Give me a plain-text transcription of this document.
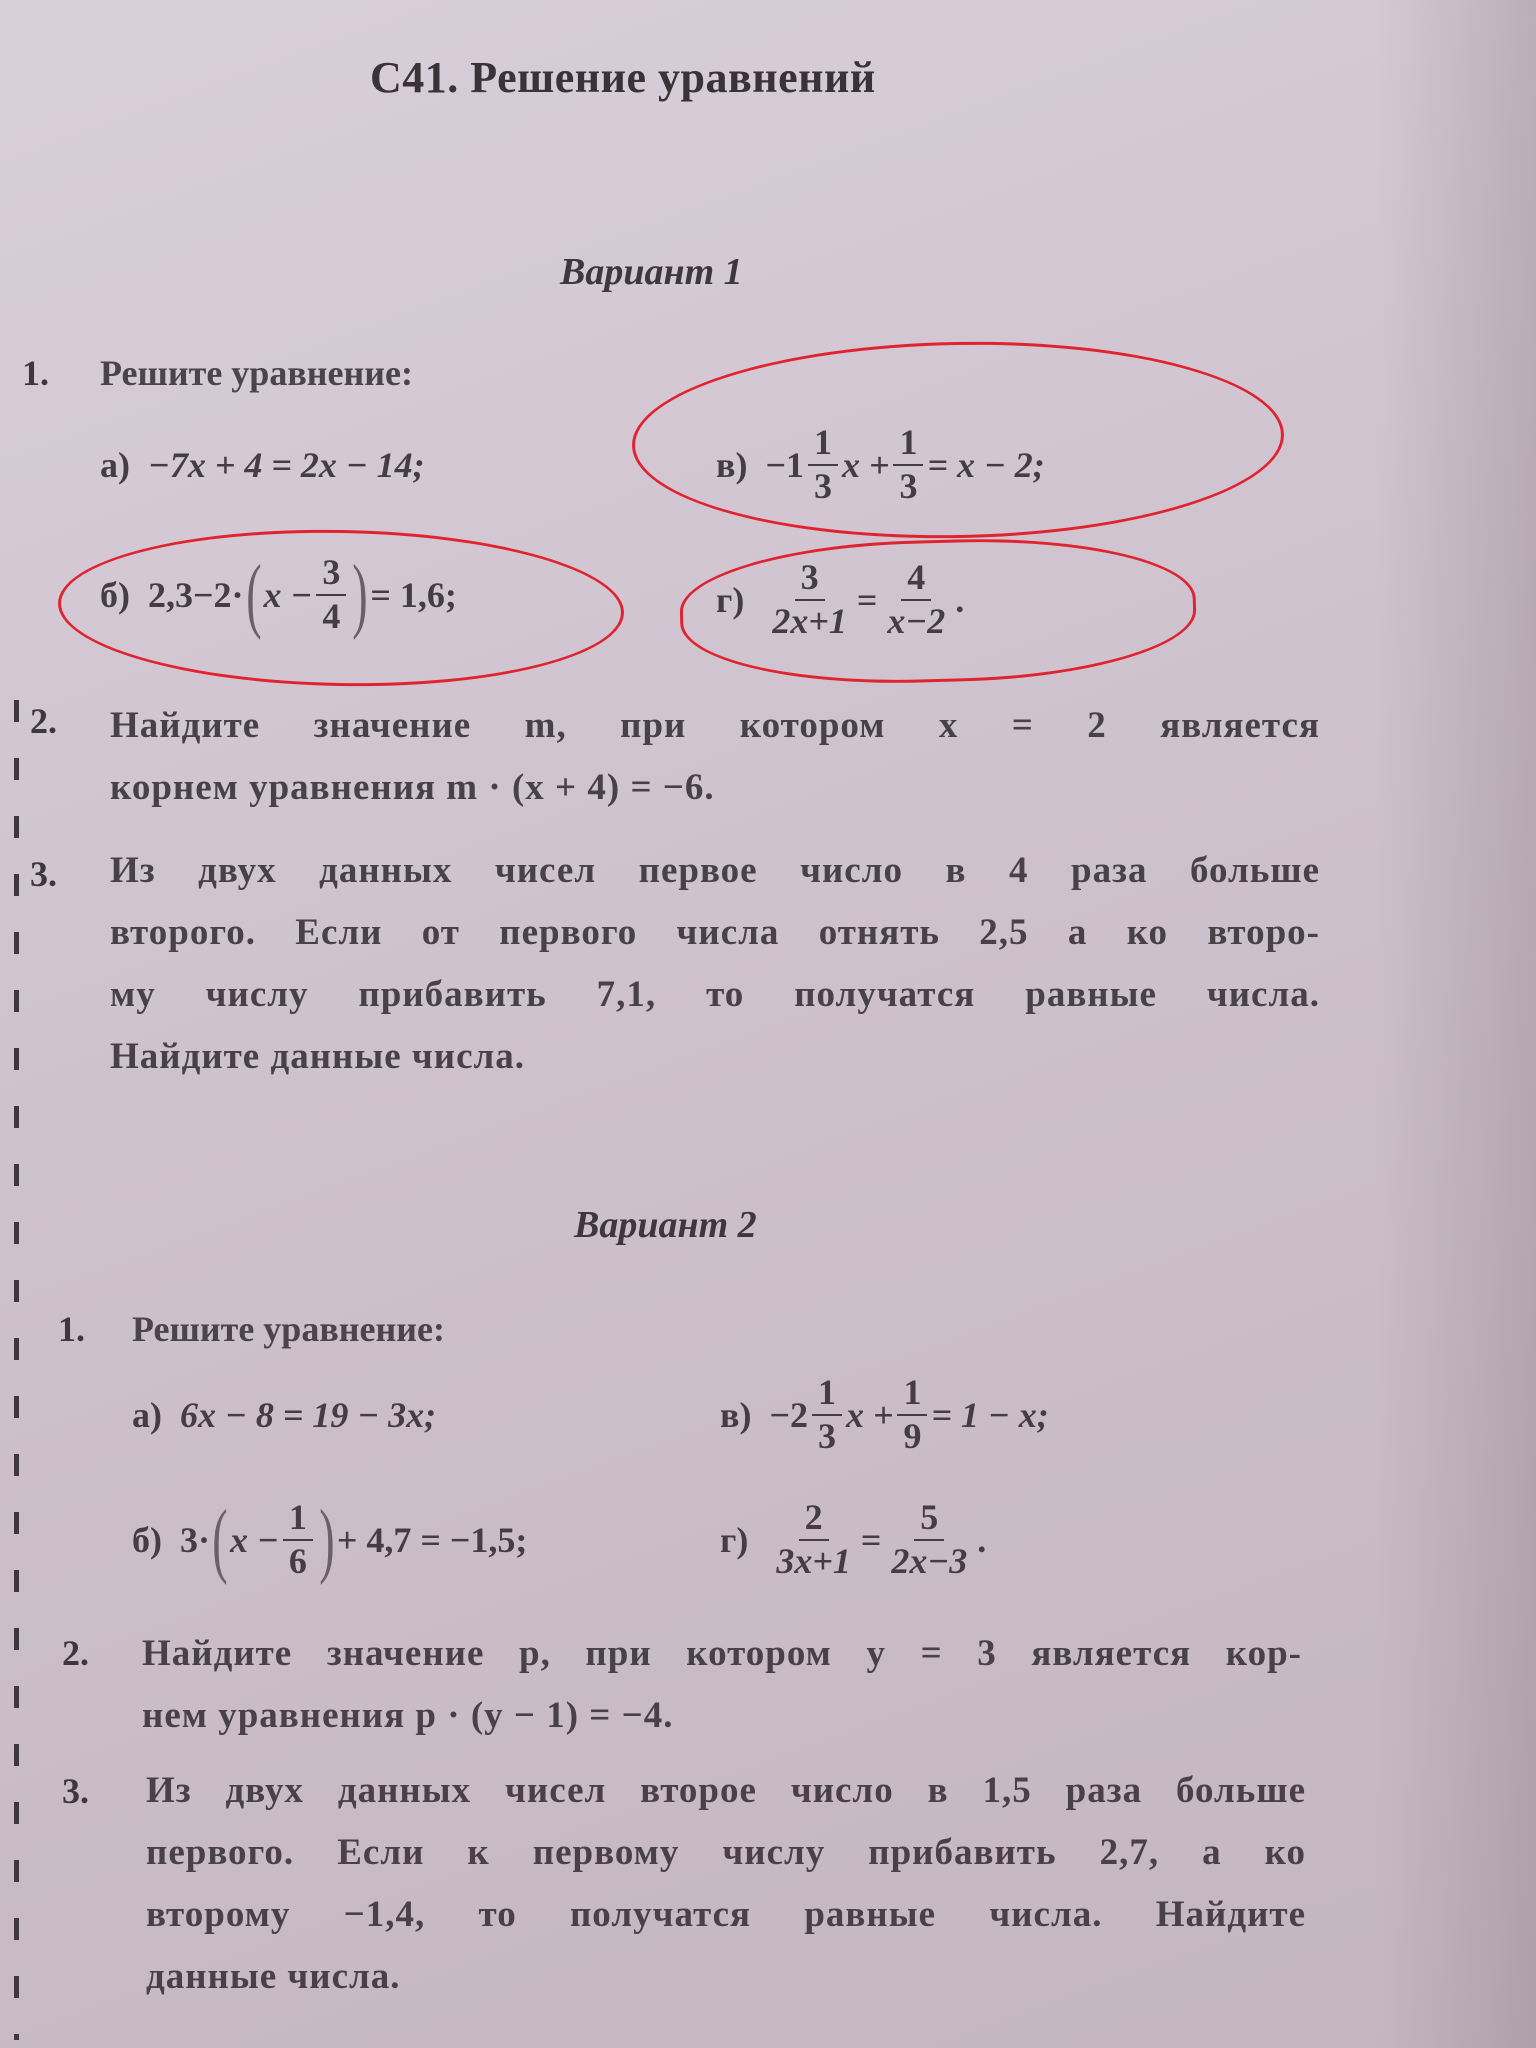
С41. Решение уравнений
Вариант 1
1. Решите уравнение:
а) −7x + 4 = 2x − 14;	$в) -1 \frac{1}{3}$ $x + \frac{1}{3} = x - 2$;
б) 2,3−2· ( $x - \frac{3}{4}$ ) = 1,6;	$г) \frac{3}{2x+1} = \frac{4}{x-2}$ .
2. Найдите значение m, при котором x = 2 является
корнем уравнения m · (x + 4) = −6.
3. Из двух данных чисел первое число в 4 раза больше
второго. Если от первого числа отнять 2,5 а ко второ-
му числу прибавить 7,1, то получатся равные числа.
Найдите данные числа.
Вариант 2
1. Решите уравнение:
а) 6x − 8 = 19 − 3x;	$в) -2 \frac{1}{3}$ $x + \frac{1}{9} = 1 - x$;
б) 3· ( $x - \frac{1}{6}$ ) + 4,7 = −1,5;	$г) \frac{2}{3x+1} = \frac{5}{2x-3}$ .
2. Найдите значение p, при котором y = 3 является кор-
нем уравнения p · (y − 1) = −4.
3. Из двух данных чисел второе число в 1,5 раза больше
первого. Если к первому числу прибавить 2,7, а ко
второму −1,4, то получатся равные числа. Найдите
данные числа.
